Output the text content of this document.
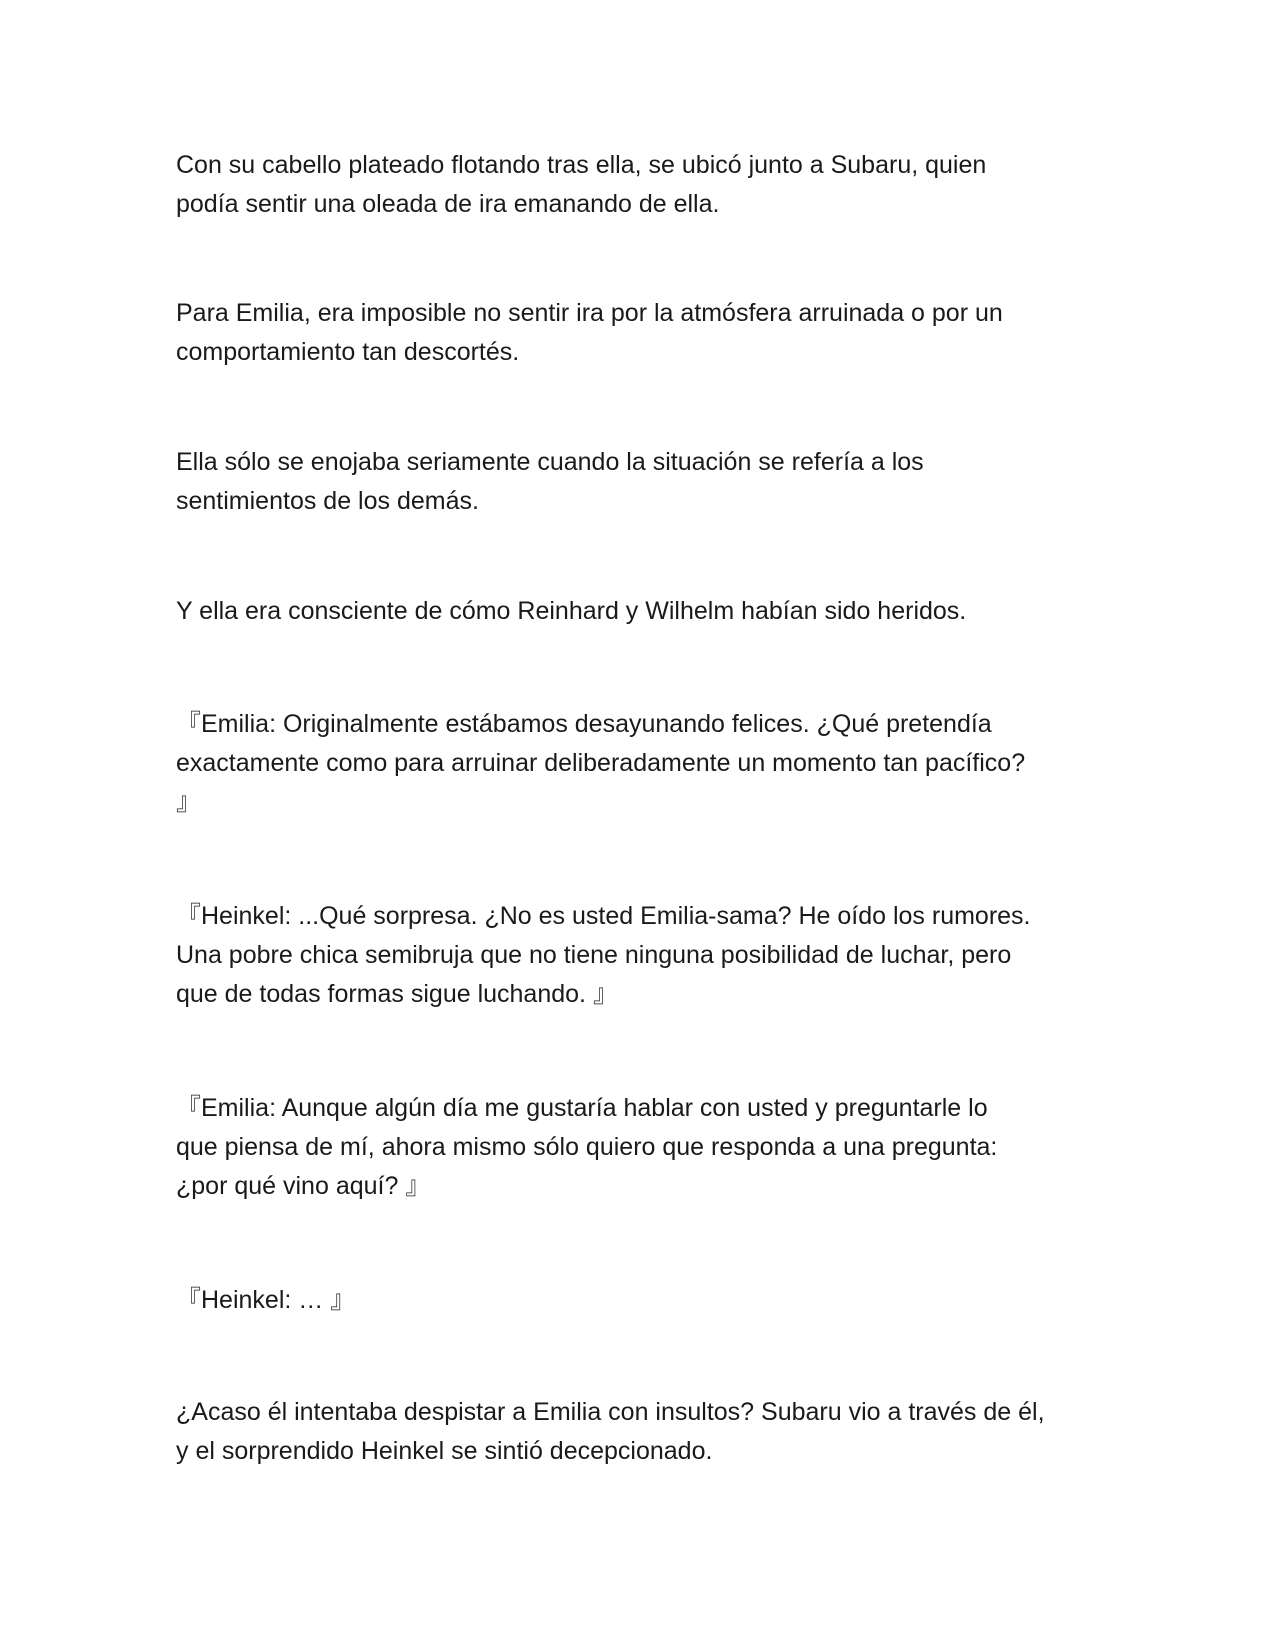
Con su cabello plateado flotando tras ella, se ubicó junto a Subaru, quien
podía sentir una oleada de ira emanando de ella.

Para Emilia, era imposible no sentir ira por la atmósfera arruinada o por un
comportamiento tan descortés.

Ella sólo se enojaba seriamente cuando la situación se refería a los
sentimientos de los demás.

Y ella era consciente de cómo Reinhard y Wilhelm habían sido heridos.

『Emilia: Originalmente estábamos desayunando felices. ¿Qué pretendía
exactamente como para arruinar deliberadamente un momento tan pacífico?
』

『Heinkel: ...Qué sorpresa. ¿No es usted Emilia-sama? He oído los rumores.
Una pobre chica semibruja que no tiene ninguna posibilidad de luchar, pero
que de todas formas sigue luchando. 』

『Emilia: Aunque algún día me gustaría hablar con usted y preguntarle lo
que piensa de mí, ahora mismo sólo quiero que responda a una pregunta:
¿por qué vino aquí? 』

『Heinkel: … 』

¿Acaso él intentaba despistar a Emilia con insultos? Subaru vio a través de él,
y el sorprendido Heinkel se sintió decepcionado.
